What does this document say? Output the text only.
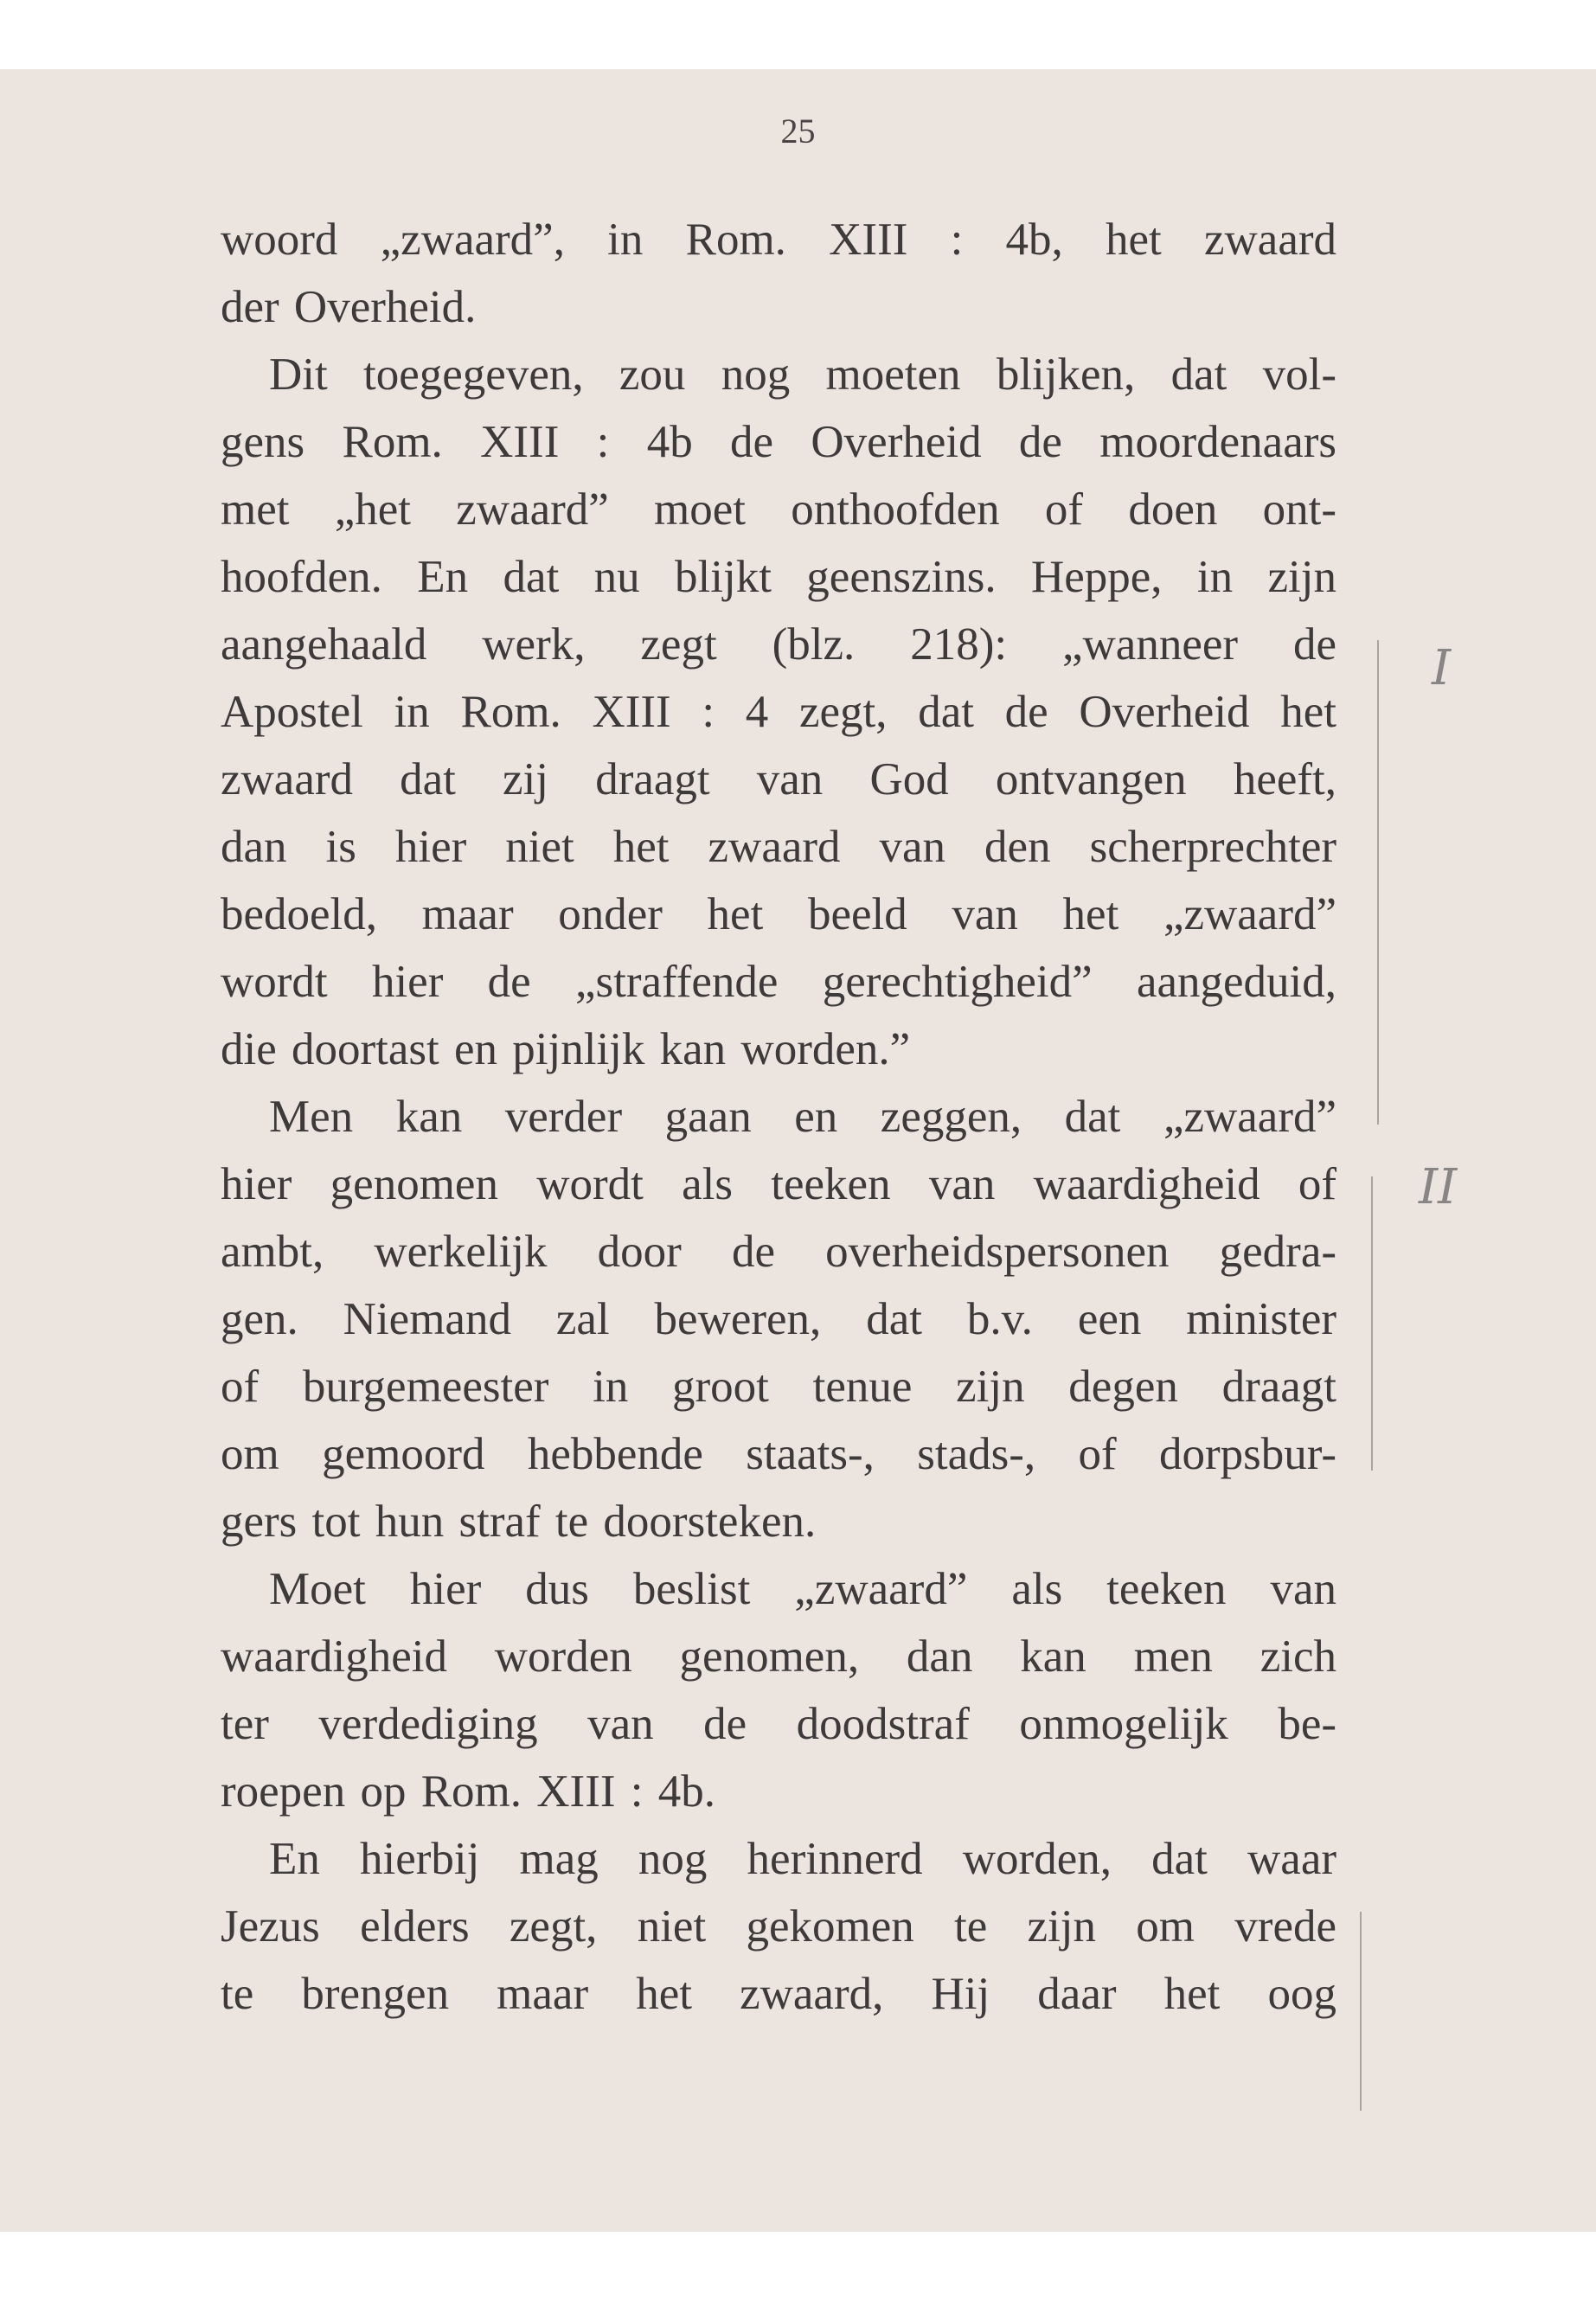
25
woord „zwaard”, in Rom. XIII : 4b, het zwaard
der Overheid.
Dit toegegeven, zou nog moeten blijken, dat vol-
gens Rom. XIII : 4b de Overheid de moordenaars
met „het zwaard” moet onthoofden of doen ont-
hoofden. En dat nu blijkt geenszins. Heppe, in zijn
aangehaald werk, zegt (blz. 218): „wanneer de
Apostel in Rom. XIII : 4 zegt, dat de Overheid het
zwaard dat zij draagt van God ontvangen heeft,
dan is hier niet het zwaard van den scherprechter
bedoeld, maar onder het beeld van het „zwaard”
wordt hier de „straffende gerechtigheid” aangeduid,
die doortast en pijnlijk kan worden.”
Men kan verder gaan en zeggen, dat „zwaard”
hier genomen wordt als teeken van waardigheid of
ambt, werkelijk door de overheidspersonen gedra-
gen. Niemand zal beweren, dat b.v. een minister
of burgemeester in groot tenue zijn degen draagt
om gemoord hebbende staats-, stads-, of dorpsbur-
gers tot hun straf te doorsteken.
Moet hier dus beslist „zwaard” als teeken van
waardigheid worden genomen, dan kan men zich
ter verdediging van de doodstraf onmogelijk be-
roepen op Rom. XIII : 4b.
En hierbij mag nog herinnerd worden, dat waar
Jezus elders zegt, niet gekomen te zijn om vrede
te brengen maar het zwaard, Hij daar het oog
I
II
